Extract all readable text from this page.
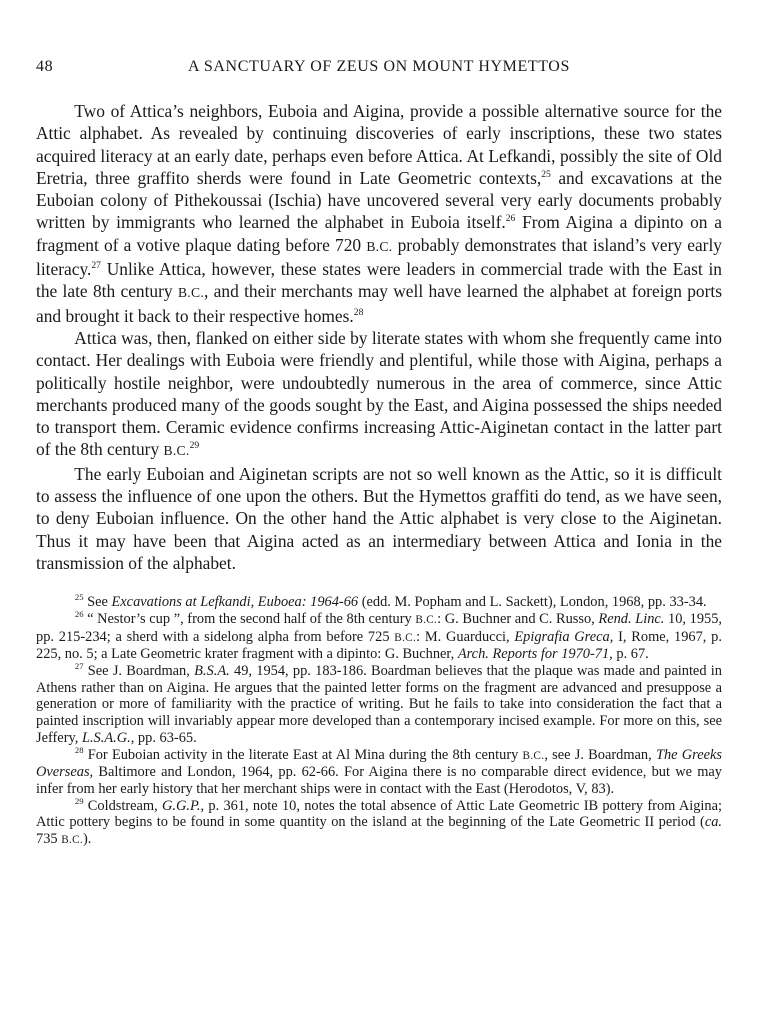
48	A SANCTUARY OF ZEUS ON MOUNT HYMETTOS

Two of Attica’s neighbors, Euboia and Aigina, provide a possible alternative source for the Attic alphabet. As revealed by continuing discoveries of early inscriptions, these two states acquired literacy at an early date, perhaps even before Attica. At Lefkandi, possibly the site of Old Eretria, three graffito sherds were found in Late Geometric contexts,$^{25}$ and excavations at the Euboian colony of Pithekoussai (Ischia) have uncovered several very early documents probably written by immigrants who learned the alphabet in Euboia itself.$^{26}$ From Aigina a dipinto on a fragment of a votive plaque dating before 720 B.C. probably demonstrates that island’s very early literacy.$^{27}$ Unlike Attica, however, these states were leaders in commercial trade with the East in the late 8th century B.C., and their merchants may well have learned the alphabet at foreign ports and brought it back to their respective homes.$^{28}$

Attica was, then, flanked on either side by literate states with whom she frequently came into contact. Her dealings with Euboia were friendly and plentiful, while those with Aigina, perhaps a politically hostile neighbor, were undoubtedly numerous in the area of commerce, since Attic merchants produced many of the goods sought by the East, and Aigina possessed the ships needed to transport them. Ceramic evidence confirms increasing Attic-Aiginetan contact in the latter part of the 8th century B.C.$^{29}$

The early Euboian and Aiginetan scripts are not so well known as the Attic, so it is difficult to assess the influence of one upon the others. But the Hymettos graffiti do tend, as we have seen, to deny Euboian influence. On the other hand the Attic alphabet is very close to the Aiginetan. Thus it may have been that Aigina acted as an intermediary between Attica and Ionia in the transmission of the alphabet.

$^{25}$ See Excavations at Lefkandi, Euboea: 1964-66 (edd. M. Popham and L. Sackett), London, 1968, pp. 33-34.

$^{26}$ “ Nestor’s cup ”, from the second half of the 8th century B.C.: G. Buchner and C. Russo, Rend. Linc. 10, 1955, pp. 215-234; a sherd with a sidelong alpha from before 725 B.C.: M. Guarducci, Epigrafia Greca, I, Rome, 1967, p. 225, no. 5; a Late Geometric krater fragment with a dipinto: G. Buchner, Arch. Reports for 1970-71, p. 67.

$^{27}$ See J. Boardman, B.S.A. 49, 1954, pp. 183-186. Boardman believes that the plaque was made and painted in Athens rather than on Aigina. He argues that the painted letter forms on the fragment are advanced and presuppose a generation or more of familiarity with the practice of writing. But he fails to take into consideration the fact that a painted inscription will invariably appear more developed than a contemporary incised example. For more on this, see Jeffery, L.S.A.G., pp. 63-65.

$^{28}$ For Euboian activity in the literate East at Al Mina during the 8th century B.C., see J. Boardman, The Greeks Overseas, Baltimore and London, 1964, pp. 62-66. For Aigina there is no comparable direct evidence, but we may infer from her early history that her merchant ships were in contact with the East (Herodotos, V, 83).

$^{29}$ Coldstream, G.G.P., p. 361, note 10, notes the total absence of Attic Late Geometric IB pottery from Aigina; Attic pottery begins to be found in some quantity on the island at the beginning of the Late Geometric II period (ca. 735 B.C.).
